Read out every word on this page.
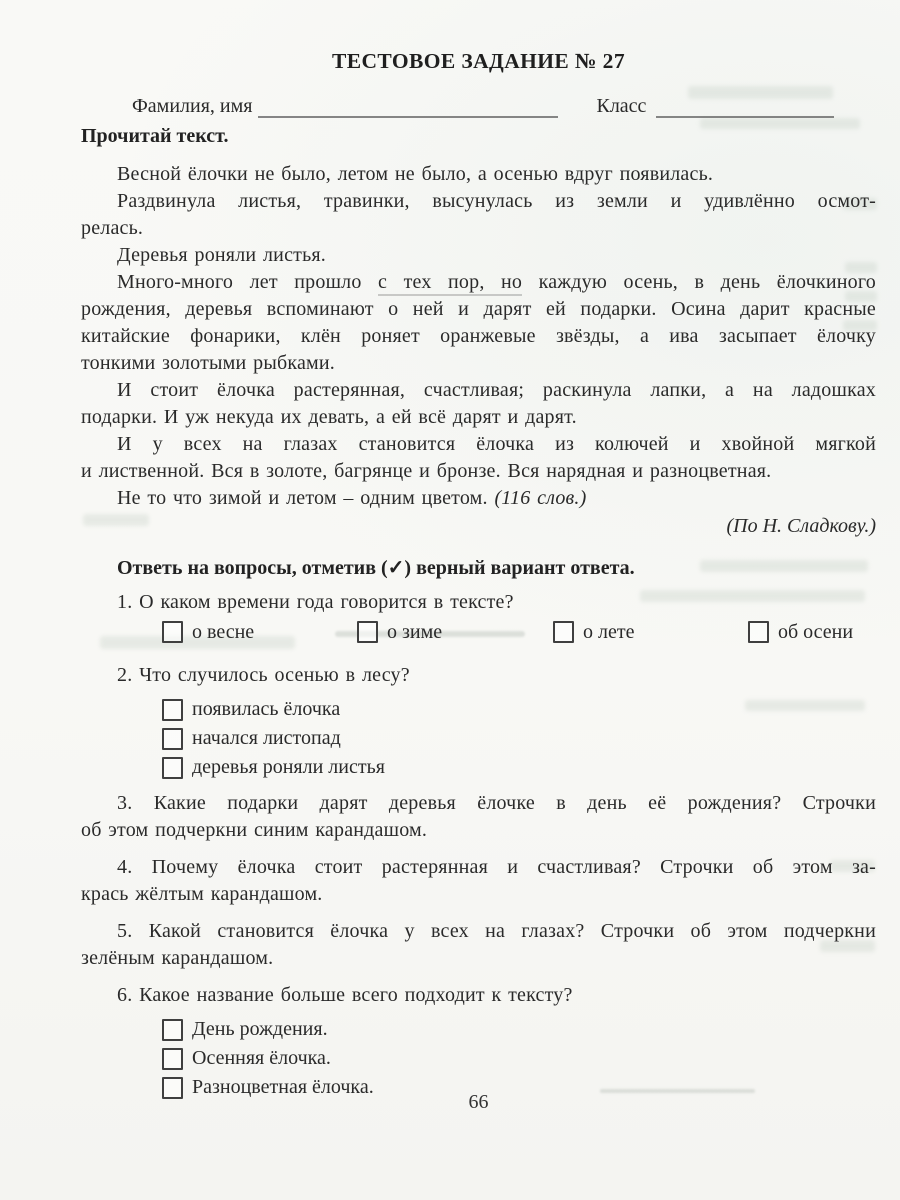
ТЕСТОВОЕ ЗАДАНИЕ № 27
Фамилия, имя	Класс
Прочитай текст.
Весной ёлочки не было, летом не было, а осенью вдруг появилась.
Раздвинула листья, травинки, высунулась из земли и удивлённо осмот-
релась.
Деревья роняли листья.
Много-много лет прошло с тех пор, но каждую осень, в день ёлочкиного
рождения, деревья вспоминают о ней и дарят ей подарки. Осина дарит красные
китайские фонарики, клён роняет оранжевые звёзды, а ива засыпает ёлочку
тонкими золотыми рыбками.
И стоит ёлочка растерянная, счастливая; раскинула лапки, а на ладошках
подарки. И уж некуда их девать, а ей всё дарят и дарят.
И у всех на глазах становится ёлочка из колючей и хвойной мягкой
и лиственной. Вся в золоте, багрянце и бронзе. Вся нарядная и разноцветная.
Не то что зимой и летом – одним цветом. (116 слов.)
(По Н. Сладкову.)
Ответь на вопросы, отметив (✓) верный вариант ответа.
1. О каком времени года говорится в тексте?
о весне	о зиме	о лете	об осени
2. Что случилось осенью в лесу?
появилась ёлочка
начался листопад
деревья роняли листья
3. Какие подарки дарят деревья ёлочке в день её рождения? Строчки
об этом подчеркни синим карандашом.
4. Почему ёлочка стоит растерянная и счастливая? Строчки об этом за-
крась жёлтым карандашом.
5. Какой становится ёлочка у всех на глазах? Строчки об этом подчеркни
зелёным карандашом.
6. Какое название больше всего подходит к тексту?
День рождения.
Осенняя ёлочка.
Разноцветная ёлочка.
66
